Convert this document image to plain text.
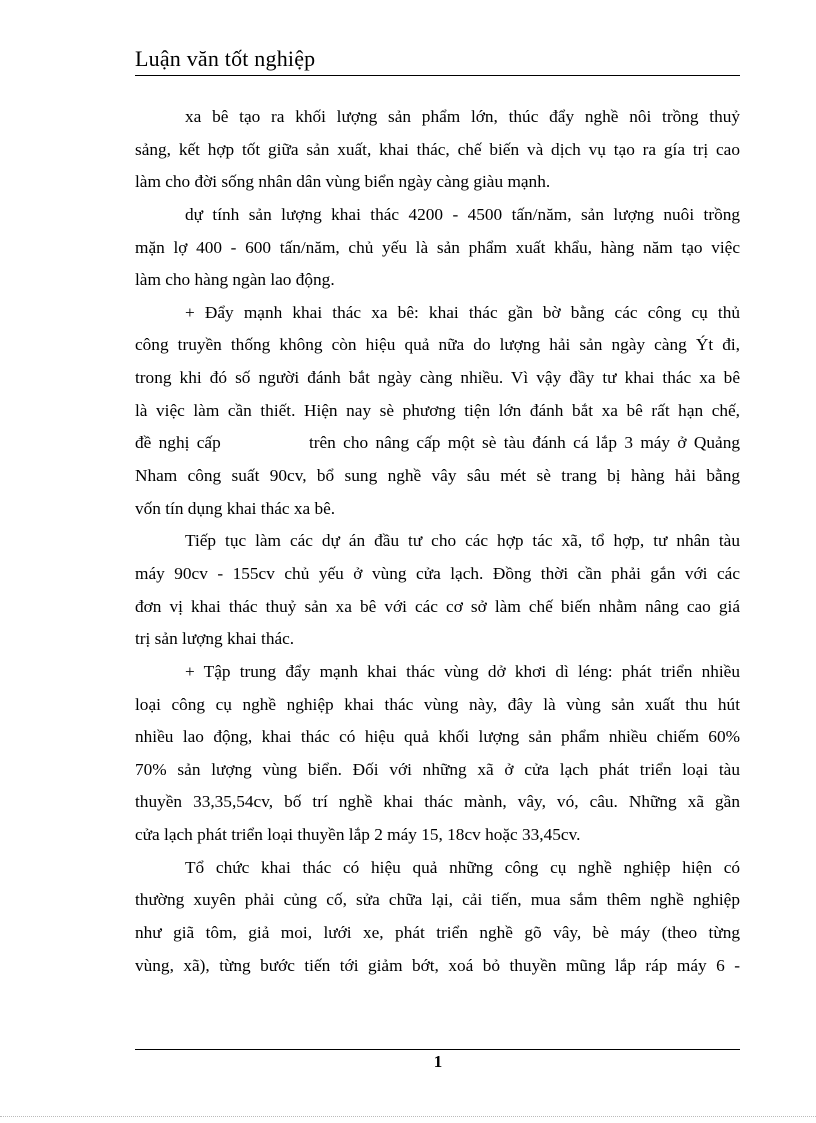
Luận văn tốt nghiệp
xa bê tạo ra khối lượng sản phẩm lớn, thúc đẩy nghề nôi trồng thuỷ
sảng, kết hợp tốt giữa sản xuất, khai thác, chế biến và dịch vụ tạo ra gía trị cao
làm cho đời sống nhân dân vùng biển ngày càng giàu mạnh.
dự tính sản lượng khai thác 4200 - 4500 tấn/năm, sản lượng nuôi trồng
mặn lợ 400 - 600 tấn/năm, chủ yếu là sản phẩm xuất khẩu, hàng năm tạo việc
làm cho hàng ngàn lao động.
+ Đẩy mạnh khai thác xa bê: khai thác gần bờ bằng các công cụ thủ
công truyền thống không còn hiệu quả nữa do lượng hải sản ngày càng Ýt đi,
trong khi đó số người đánh bắt ngày càng nhiều. Vì vậy đầy tư khai thác xa bê
là việc làm cần thiết. Hiện nay sè phương tiện lớn đánh bắt xa bê rất hạn chế,
đề nghị cấp            trên cho nâng cấp một sè tàu đánh cá lắp 3 máy ở Quảng
Nham công suất 90cv, bổ sung nghề vây sâu mét sè trang bị hàng hải bằng
vốn tín dụng khai thác xa bê.
Tiếp tục làm các dự án đầu tư cho các hợp tác xã, tổ hợp, tư nhân tàu
máy 90cv - 155cv chủ yếu ở vùng cửa lạch. Đồng thời cần phải gắn với các
đơn vị khai thác thuỷ sản xa bê với các cơ sở làm chế biến nhằm nâng cao giá
trị sản lượng khai thác.
+ Tập trung đẩy mạnh khai thác vùng dở khơi dì léng: phát triển nhiều
loại công cụ nghề nghiệp khai thác vùng này, đây là vùng sản xuất thu hút
nhiều lao động, khai thác có hiệu quả khối lượng sản phẩm nhiều chiếm 60%
70% sản lượng vùng biển. Đối với những xã ở cửa lạch phát triển loại tàu
thuyền 33,35,54cv, bố trí nghề khai thác mành, vây, vó, câu. Những xã gần
cửa lạch phát triển loại thuyền lắp 2 máy 15, 18cv hoặc 33,45cv.
Tổ chức khai thác có hiệu quả những công cụ nghề nghiệp hiện có
thường xuyên phải củng cố, sửa chữa lại, cải tiến, mua sắm thêm nghề nghiệp
như giã tôm, giả moi, lưới xe, phát triển nghề gõ vây, bè máy (theo từng
vùng, xã), từng bước tiến tới giảm bớt, xoá bỏ thuyền mũng lắp ráp máy 6 -
1
